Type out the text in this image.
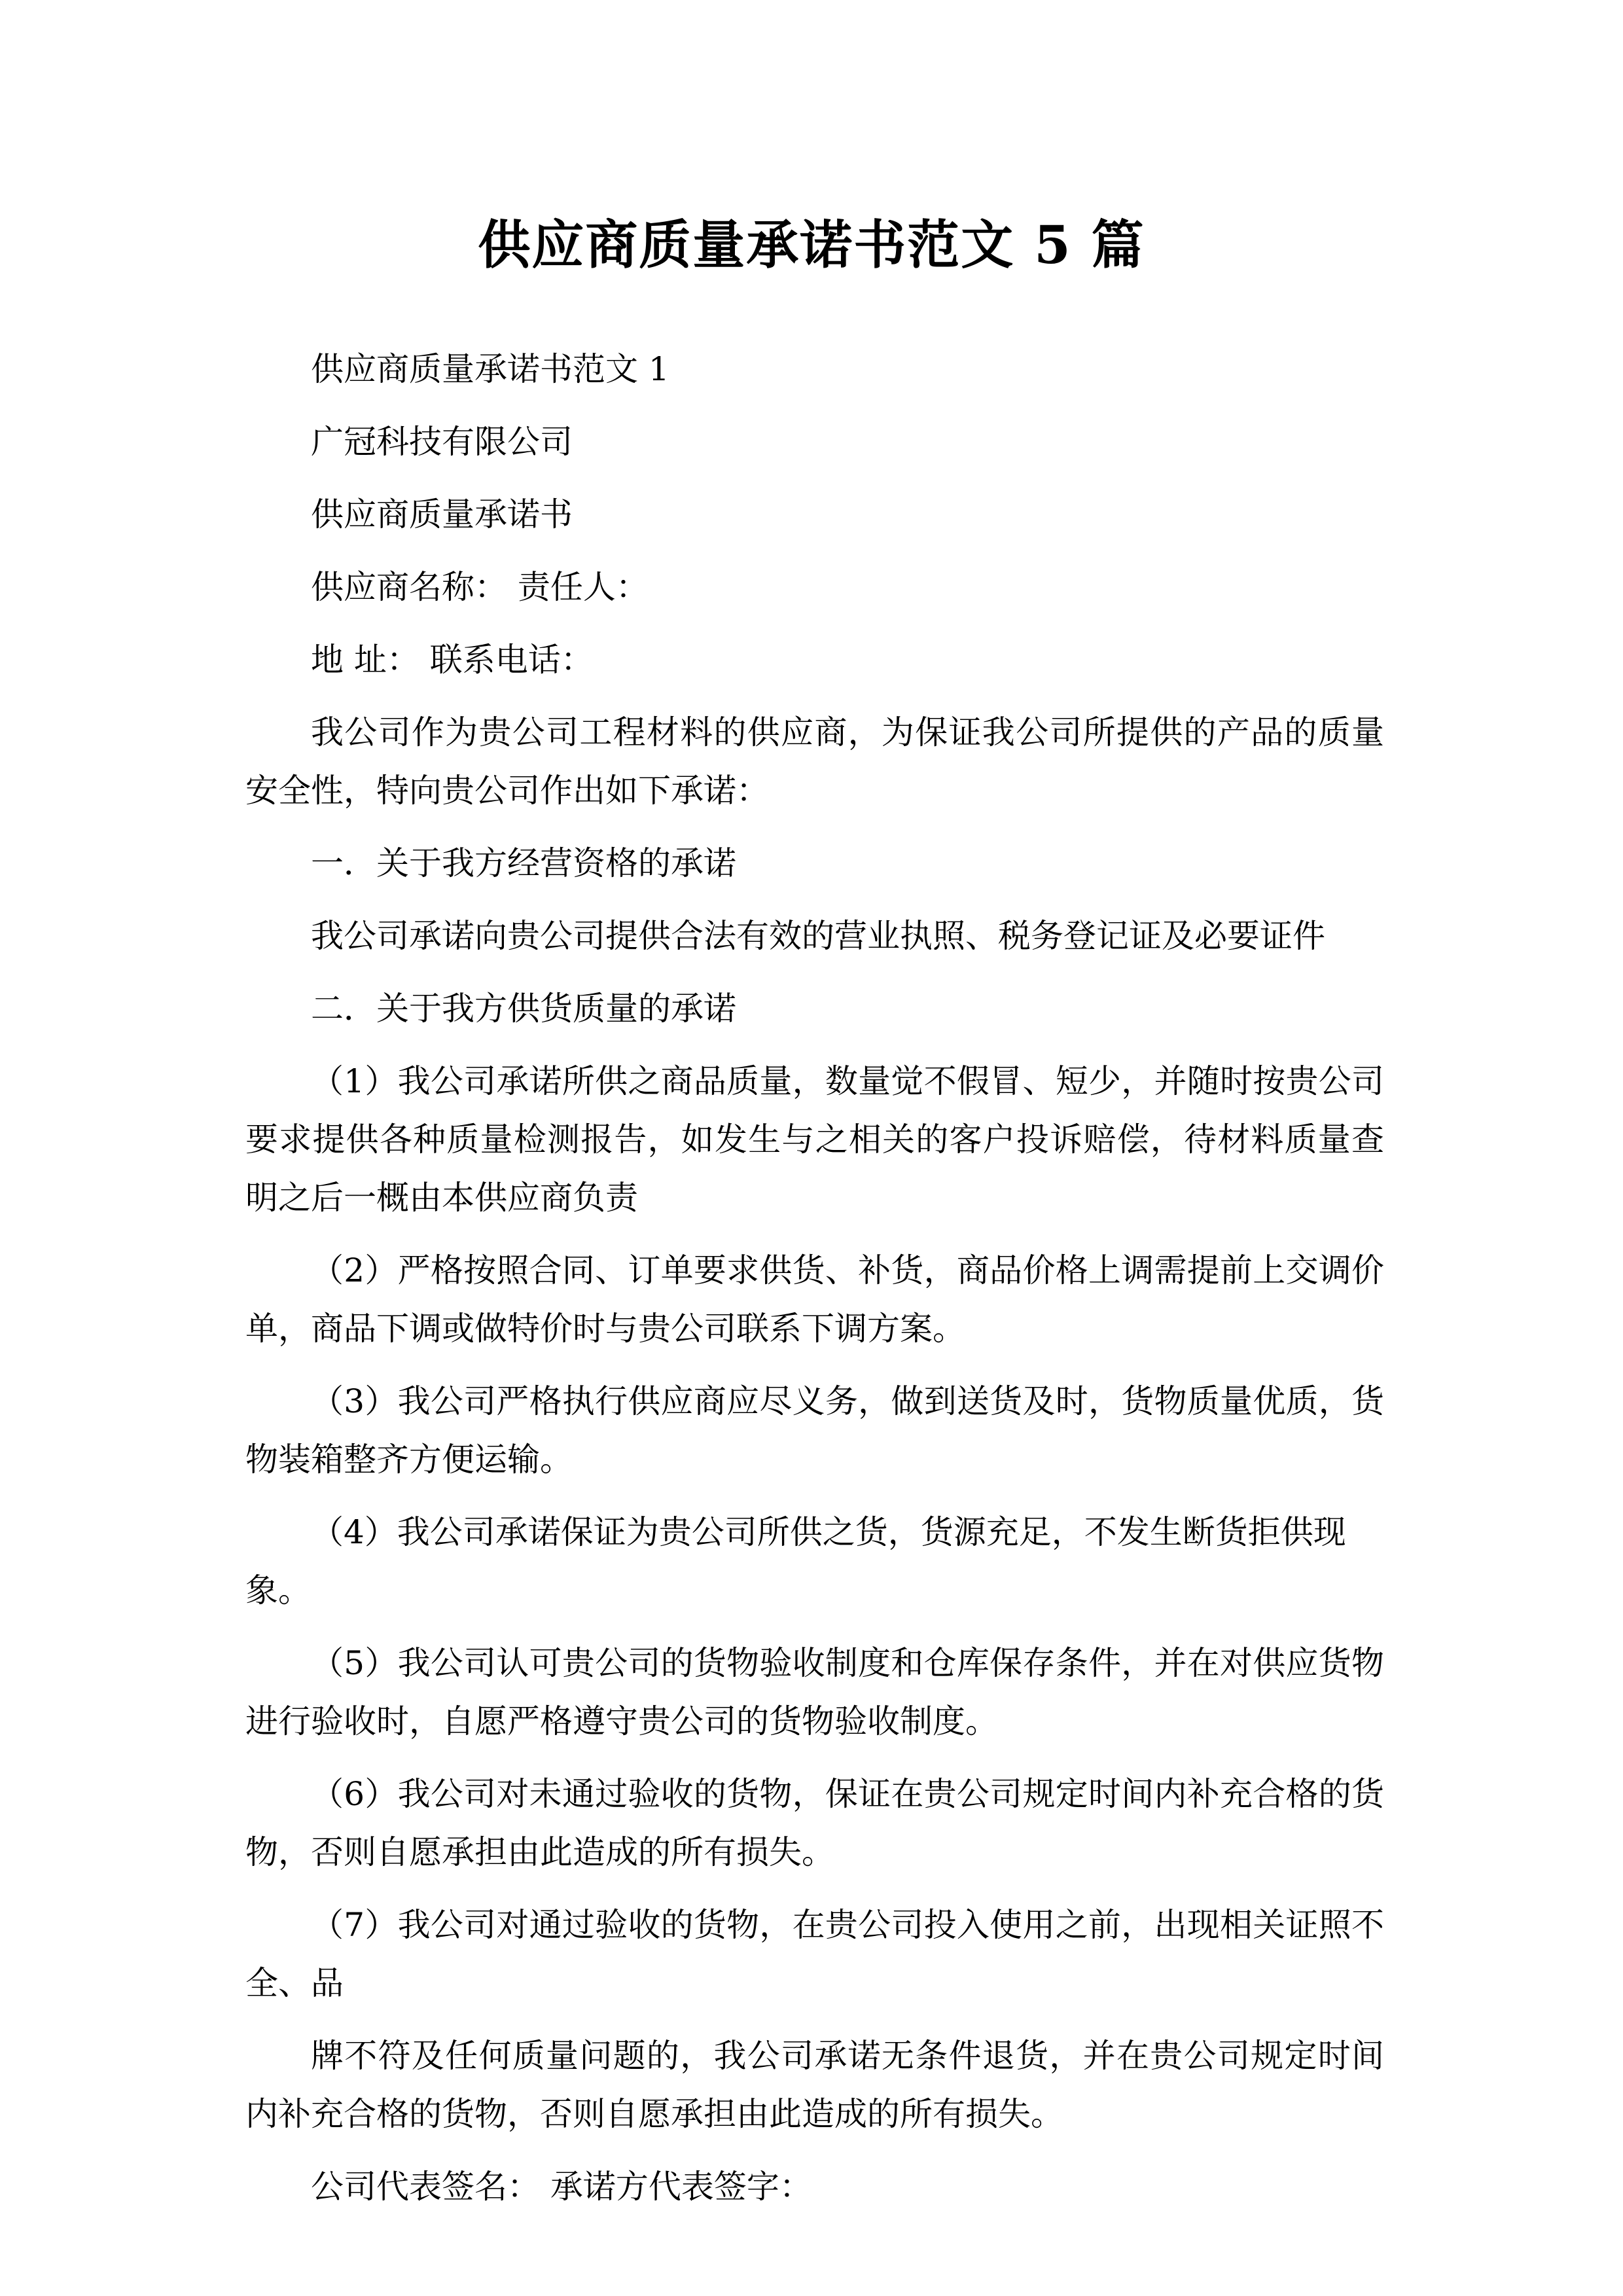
供应商质量承诺书范文 5 篇

供应商质量承诺书范文 1

广冠科技有限公司

供应商质量承诺书

供应商名称： 责任人：

地 址： 联系电话：

我公司作为贵公司工程材料的供应商，为保证我公司所提供的产品的质量安全性，特向贵公司作出如下承诺：

一．关于我方经营资格的承诺

我公司承诺向贵公司提供合法有效的营业执照、税务登记证及必要证件

二．关于我方供货质量的承诺

（1）我公司承诺所供之商品质量，数量觉不假冒、短少，并随时按贵公司要求提供各种质量检测报告，如发生与之相关的客户投诉赔偿，待材料质量查明之后一概由本供应商负责

（2）严格按照合同、订单要求供货、补货，商品价格上调需提前上交调价单，商品下调或做特价时与贵公司联系下调方案。

（3）我公司严格执行供应商应尽义务，做到送货及时，货物质量优质，货物装箱整齐方便运输。

（4）我公司承诺保证为贵公司所供之货，货源充足，不发生断货拒供现象。

（5）我公司认可贵公司的货物验收制度和仓库保存条件，并在对供应货物进行验收时，自愿严格遵守贵公司的货物验收制度。

（6）我公司对未通过验收的货物，保证在贵公司规定时间内补充合格的货物，否则自愿承担由此造成的所有损失。

（7）我公司对通过验收的货物，在贵公司投入使用之前，出现相关证照不全、品

牌不符及任何质量问题的，我公司承诺无条件退货，并在贵公司规定时间内补充合格的货物，否则自愿承担由此造成的所有损失。

公司代表签名： 承诺方代表签字：
